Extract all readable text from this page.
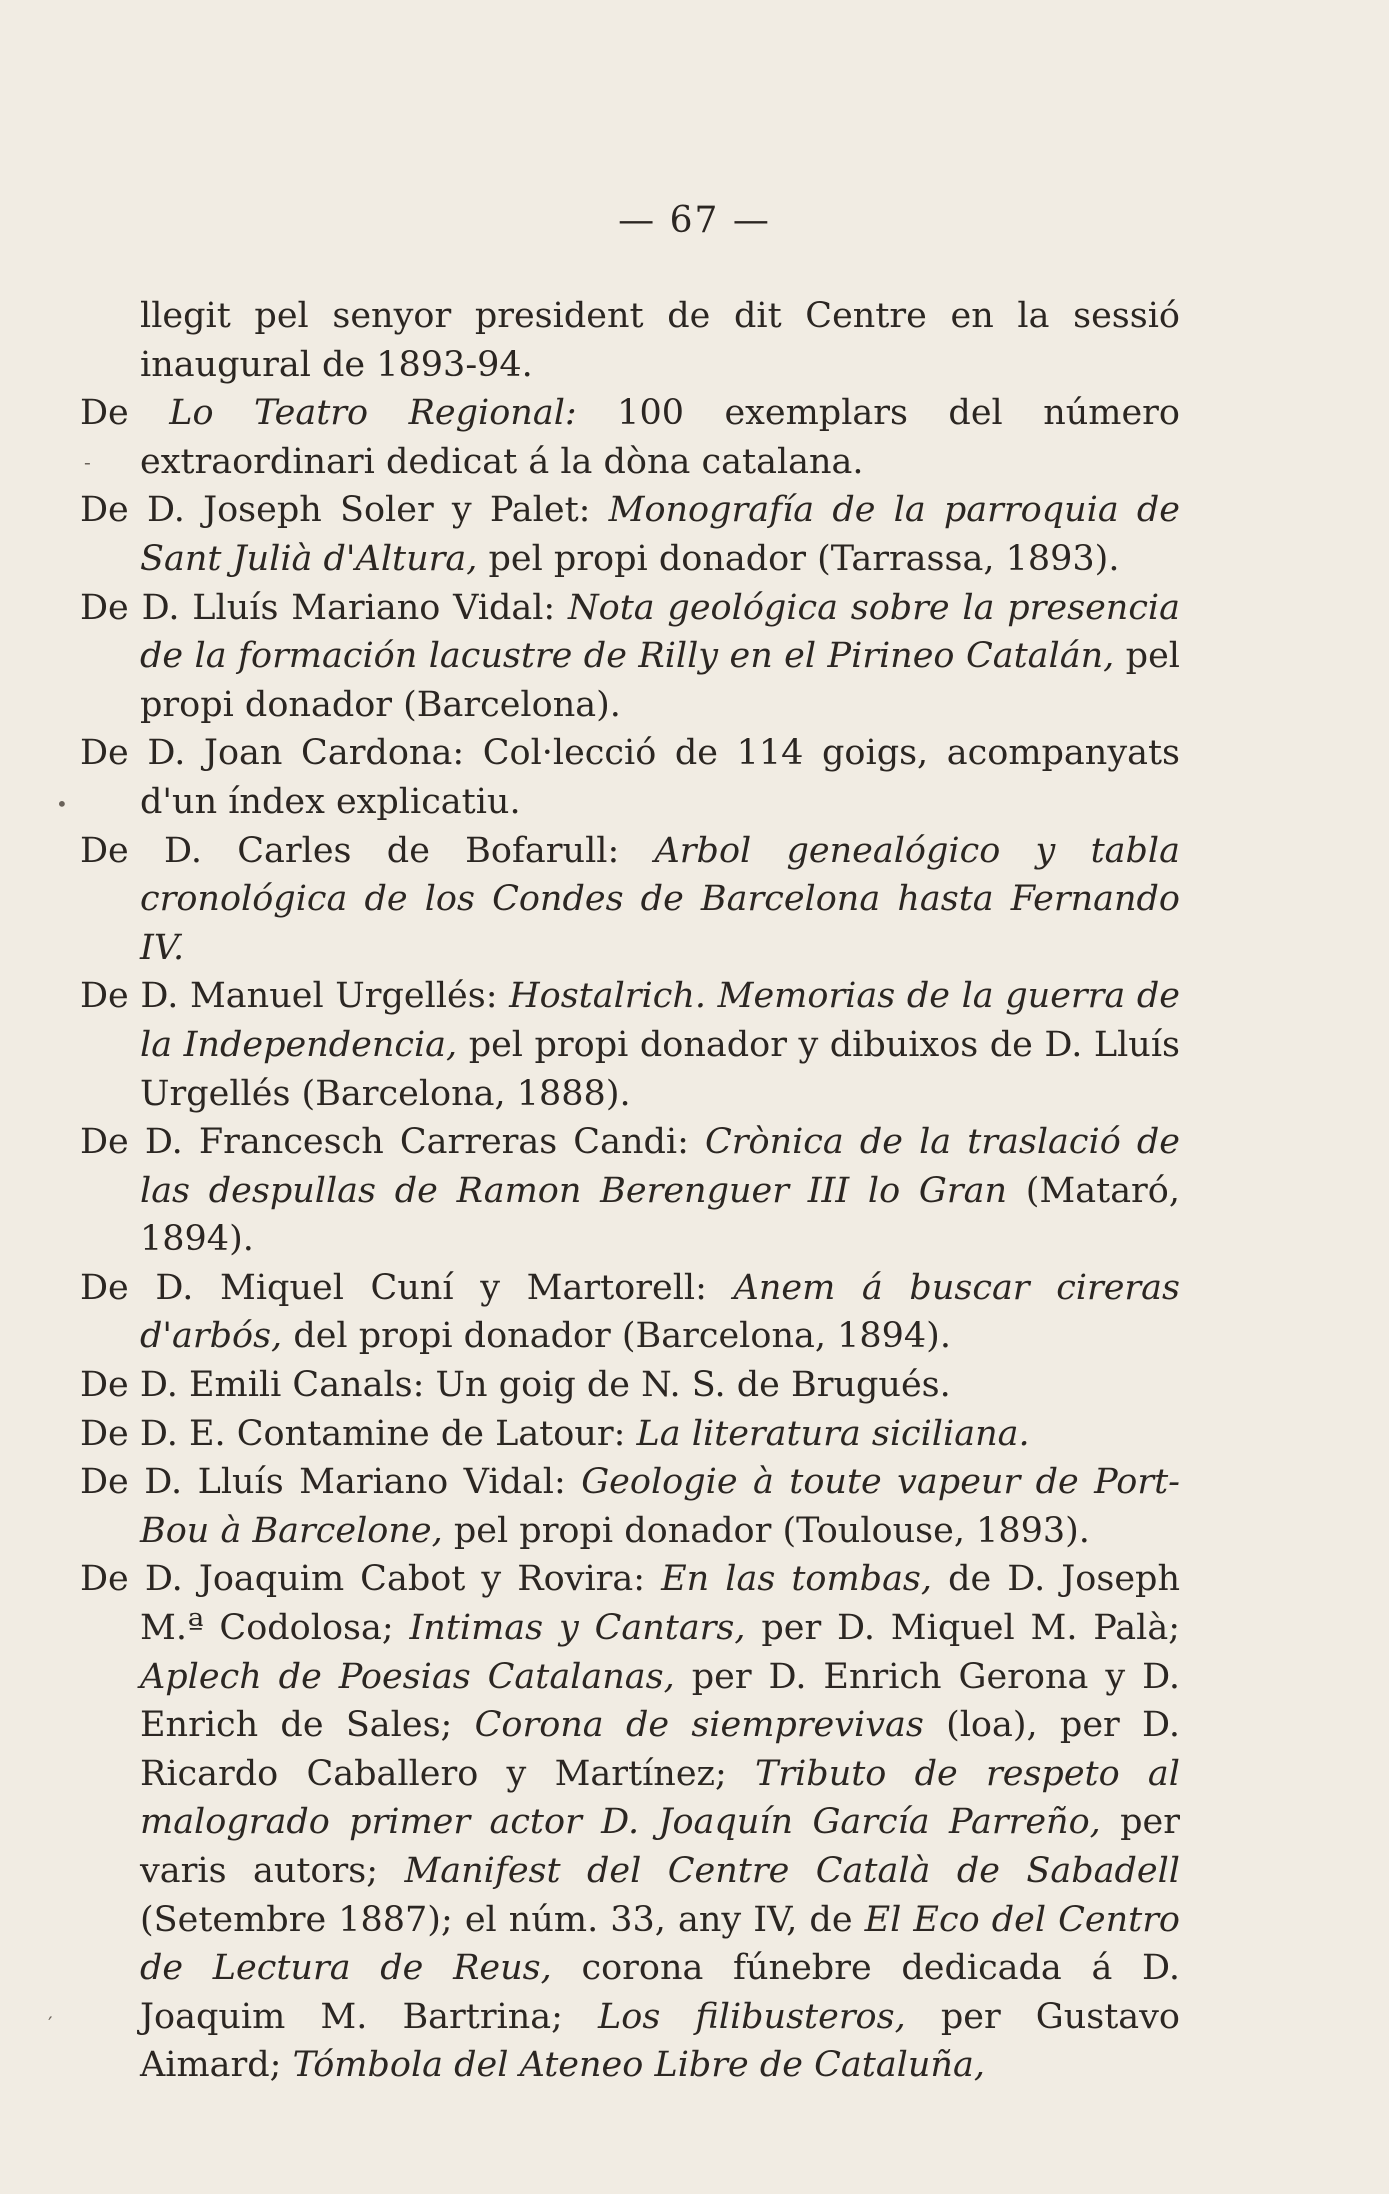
— 67 —
-
•
′

llegit pel senyor president de dit Centre en la sessió inaugural de 1893-94.

De Lo Teatro Regional: 100 exemplars del número extraordinari dedicat á la dòna catalana.

De D. Joseph Soler y Palet: Monografía de la parroquia de Sant Julià d'Altura, pel propi donador (Tarrassa, 1893).

De D. Lluís Mariano Vidal: Nota geológica sobre la presencia de la formación lacustre de Rilly en el Pirineo Catalán, pel propi donador (Barcelona).

De D. Joan Cardona: Col·lecció de 114 goigs, acompanyats d'un índex explicatiu.

De D. Carles de Bofarull: Arbol genealógico y tabla cronológica de los Condes de Barcelona hasta Fernando IV.

De D. Manuel Urgellés: Hostalrich. Memorias de la guerra de la Independencia, pel propi donador y dibuixos de D. Lluís Urgellés (Barcelona, 1888).

De D. Francesch Carreras Candi: Crònica de la traslació de las despullas de Ramon Berenguer III lo Gran (Mataró, 1894).

De D. Miquel Cuní y Martorell: Anem á buscar cireras d'arbós, del propi donador (Barcelona, 1894).

De D. Emili Canals: Un goig de N. S. de Brugués.

De D. E. Contamine de Latour: La literatura siciliana.

De D. Lluís Mariano Vidal: Geologie à toute vapeur de Port-Bou à Barcelone, pel propi donador (Toulouse, 1893).

De D. Joaquim Cabot y Rovira: En las tombas, de D. Joseph M.ª Codolosa; Intimas y Cantars, per D. Miquel M. Palà; Aplech de Poesias Catalanas, per D. Enrich Gerona y D. Enrich de Sales; Corona de siemprevivas (loa), per D. Ricardo Caballero y Martínez; Tributo de respeto al malogrado primer actor D. Joaquín García Parreño, per varis autors; Manifest del Centre Català de Sabadell (Setembre 1887); el núm. 33, any IV, de El Eco del Centro de Lectura de Reus, corona fúnebre dedicada á D. Joaquim M. Bartrina; Los filibusteros, per Gustavo Aimard; Tómbola del Ateneo Libre de Cataluña,
